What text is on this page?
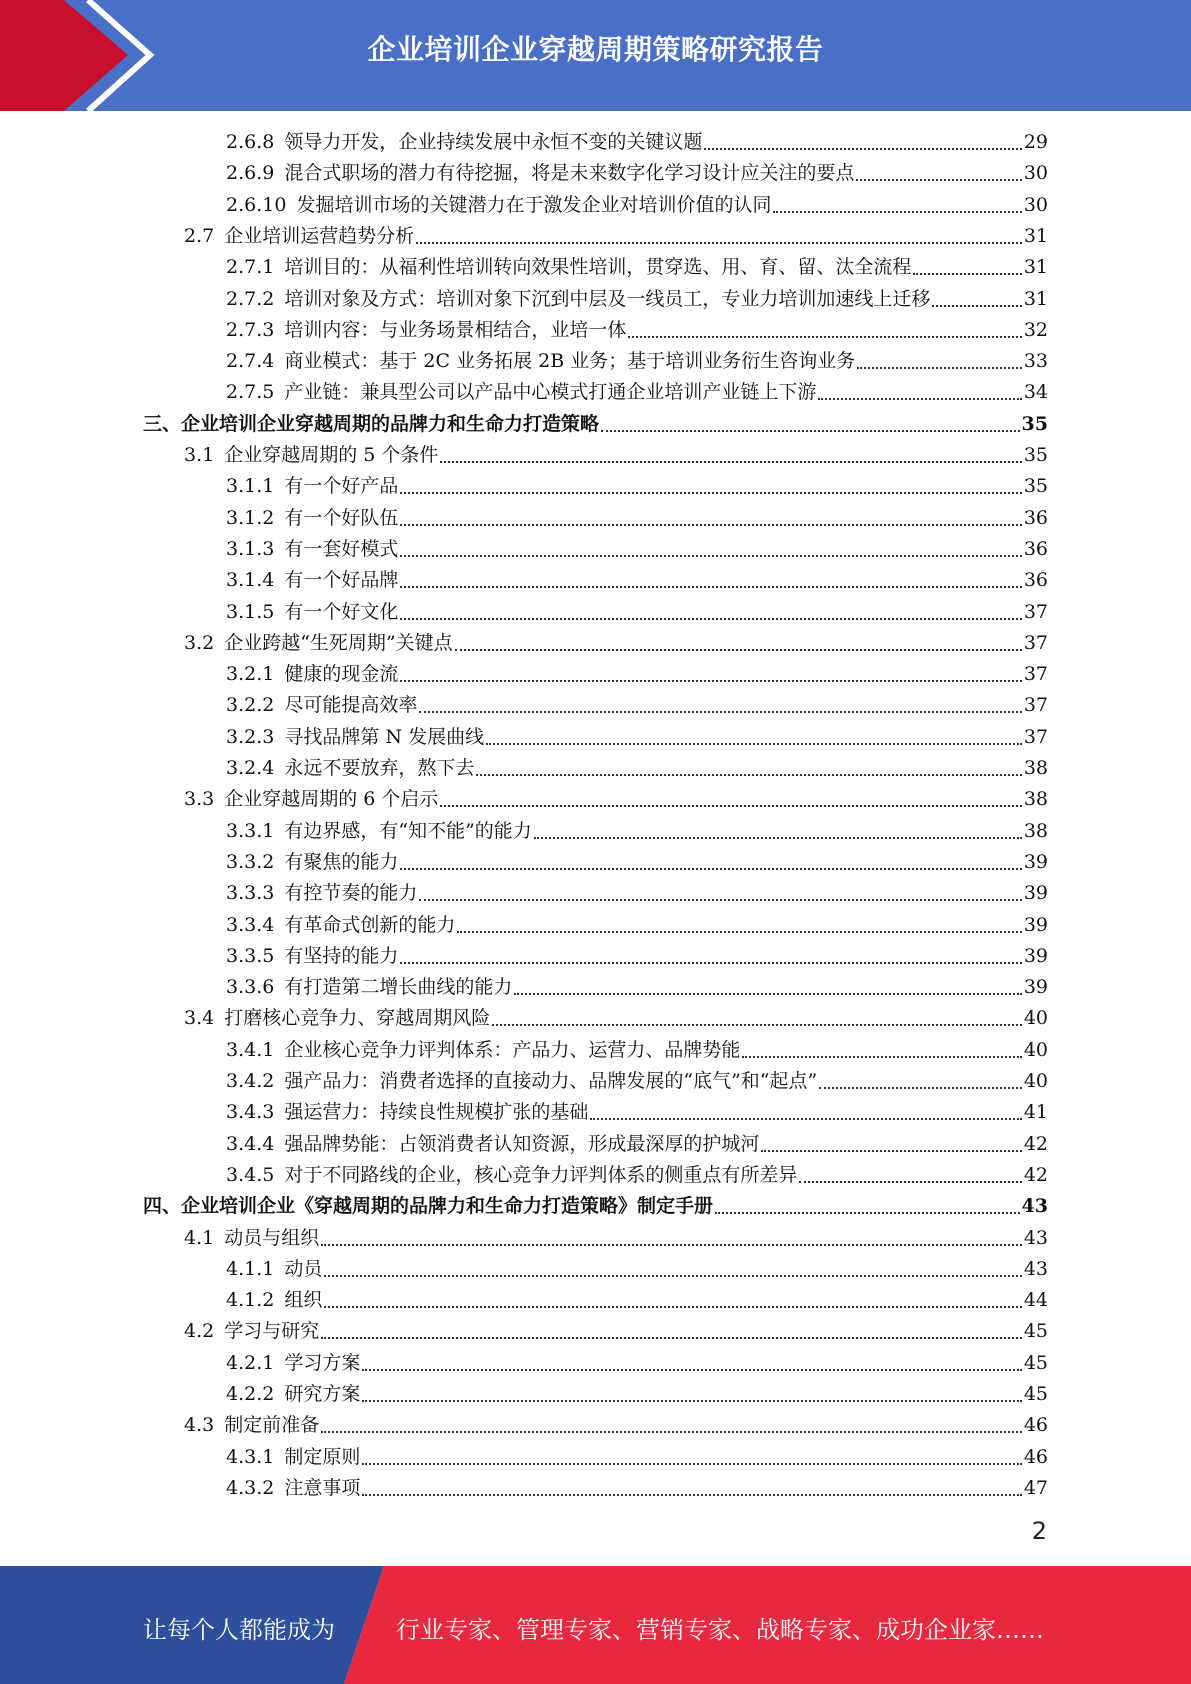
企业培训企业穿越周期策略研究报告
2.6.8 领导力开发，企业持续发展中永恒不变的关键议题	29
2.6.9 混合式职场的潜力有待挖掘，将是未来数字化学习设计应关注的要点	30
2.6.10 发掘培训市场的关键潜力在于激发企业对培训价值的认同	30
2.7 企业培训运营趋势分析	31
2.7.1 培训目的：从福利性培训转向效果性培训，贯穿选、用、育、留、汰全流程	31
2.7.2 培训对象及方式：培训对象下沉到中层及一线员工，专业力培训加速线上迁移	31
2.7.3 培训内容：与业务场景相结合，业培一体	32
2.7.4 商业模式：基于 2C 业务拓展 2B 业务；基于培训业务衍生咨询业务	33
2.7.5 产业链：兼具型公司以产品中心模式打通企业培训产业链上下游	34
三、 企业培训企业穿越周期的品牌力和生命力打造策略	35
3.1 企业穿越周期的 5 个条件	35
3.1.1 有一个好产品	35
3.1.2 有一个好队伍	36
3.1.3 有一套好模式	36
3.1.4 有一个好品牌	36
3.1.5 有一个好文化	37
3.2 企业跨越“生死周期”关键点	37
3.2.1 健康的现金流	37
3.2.2 尽可能提高效率	37
3.2.3 寻找品牌第 N 发展曲线	37
3.2.4 永远不要放弃，熬下去	38
3.3 企业穿越周期的 6 个启示	38
3.3.1 有边界感，有“知不能”的能力	38
3.3.2 有聚焦的能力	39
3.3.3 有控节奏的能力	39
3.3.4 有革命式创新的能力	39
3.3.5 有坚持的能力	39
3.3.6 有打造第二增长曲线的能力	39
3.4 打磨核心竞争力、穿越周期风险	40
3.4.1 企业核心竞争力评判体系：产品力、运营力、品牌势能	40
3.4.2 强产品力：消费者选择的直接动力、品牌发展的“底气”和“起点”	40
3.4.3 强运营力：持续良性规模扩张的基础	41
3.4.4 强品牌势能：占领消费者认知资源，形成最深厚的护城河	42
3.4.5 对于不同路线的企业，核心竞争力评判体系的侧重点有所差异	42
四、 企业培训企业《穿越周期的品牌力和生命力打造策略》制定手册	43
4.1 动员与组织	43
4.1.1 动员	43
4.1.2 组织	44
4.2 学习与研究	45
4.2.1 学习方案	45
4.2.2 研究方案	45
4.3 制定前准备	46
4.3.1 制定原则	46
4.3.2 注意事项	47
2
让每个人都能成为	行业专家、管理专家、营销专家、战略专家、成功企业家……
